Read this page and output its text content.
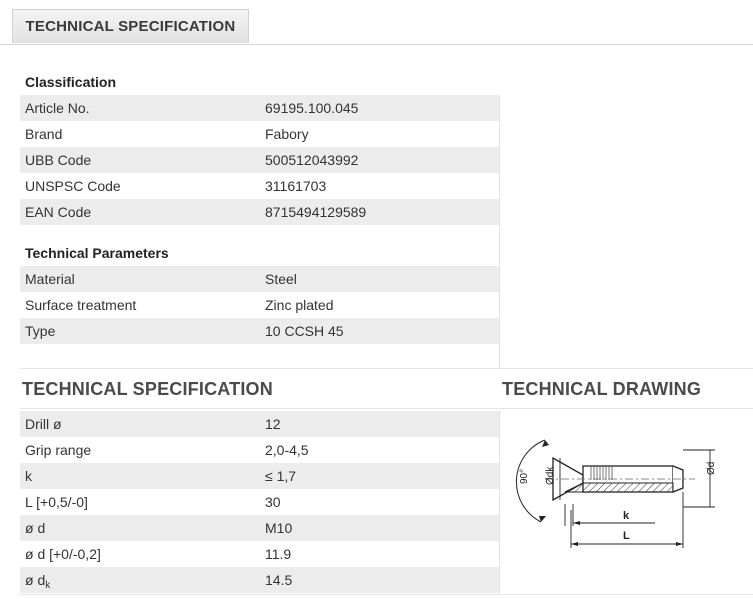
TECHNICAL SPECIFICATION
Classification
Article No.	69195.100.045
Brand	Fabory
UBB Code	500512043992
UNSPSC Code	31161703
EAN Code	8715494129589
Technical Parameters
Material	Steel
Surface treatment	Zinc plated
Type	10 CCSH 45
TECHNICAL SPECIFICATION
Drill ø	12
Grip range	2,0-4,5
k	≤ 1,7
L [+0,5/-0]	30
ø d	M10
ø d [+0/-0,2]	11.9
ø $d_k$	14.5
TECHNICAL DRAWING
90° Ødk	Ød
k
L
